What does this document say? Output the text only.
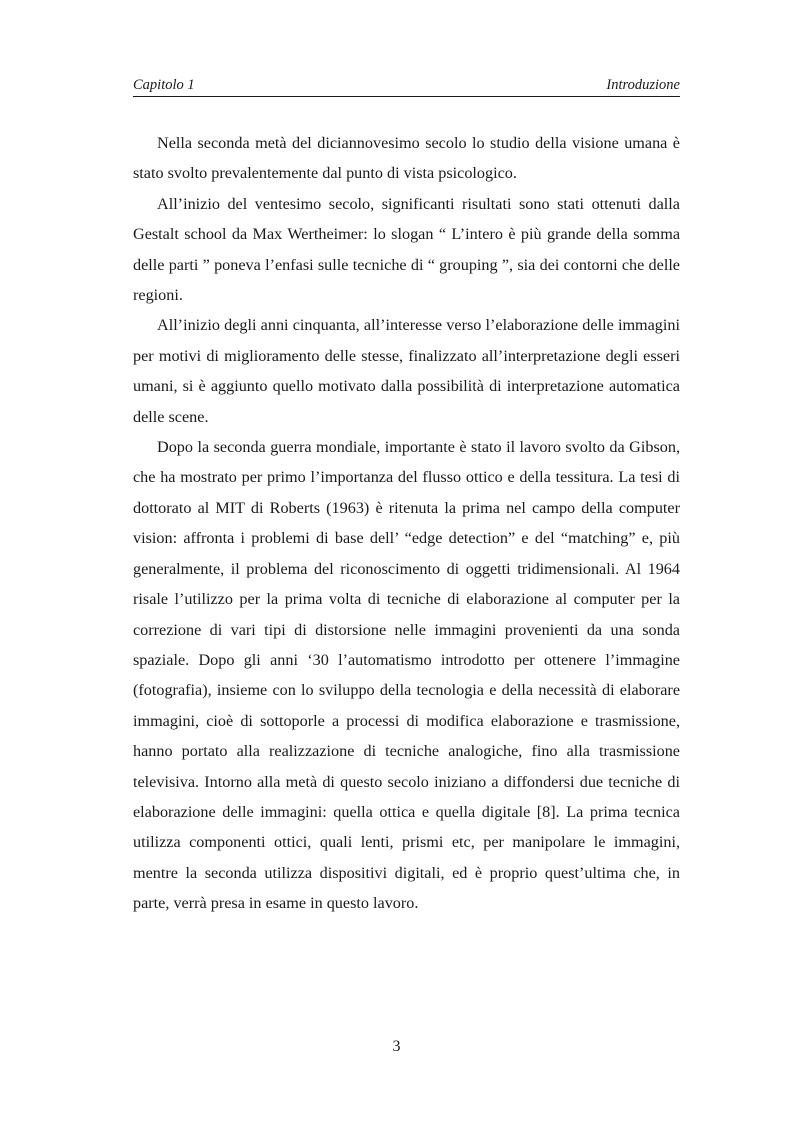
Capitolo 1	Introduzione

Nella seconda metà del diciannovesimo secolo lo studio della visione umana è stato svolto prevalentemente dal punto di vista psicologico.

All’inizio del ventesimo secolo, significanti risultati sono stati ottenuti dalla Gestalt school da Max Wertheimer: lo slogan “ L’intero è più grande della somma delle parti ” poneva l’enfasi sulle tecniche di “ grouping ”, sia dei contorni che delle regioni.

All’inizio degli anni cinquanta, all’interesse verso l’elaborazione delle immagini per motivi di miglioramento delle stesse, finalizzato all’interpretazione degli esseri umani, si è aggiunto quello motivato dalla possibilità di interpretazione automatica delle scene.

Dopo la seconda guerra mondiale, importante è stato il lavoro svolto da Gibson, che ha mostrato per primo l’importanza del flusso ottico e della tessitura. La tesi di dottorato al MIT di Roberts (1963) è ritenuta la prima nel campo della computer vision: affronta i problemi di base dell’ “edge detection” e del “matching” e, più generalmente, il problema del riconoscimento di oggetti tridimensionali. Al 1964 risale l’utilizzo per la prima volta di tecniche di elaborazione al computer per la correzione di vari tipi di distorsione nelle immagini provenienti da una sonda spaziale. Dopo gli anni ‘30 l’automatismo introdotto per ottenere l’immagine (fotografia), insieme con lo sviluppo della tecnologia e della necessità di elaborare immagini, cioè di sottoporle a processi di modifica elaborazione e trasmissione, hanno portato alla realizzazione di tecniche analogiche, fino alla trasmissione televisiva. Intorno alla metà di questo secolo iniziano a diffondersi due tecniche di elaborazione delle immagini: quella ottica e quella digitale [8]. La prima tecnica utilizza componenti ottici, quali lenti, prismi etc, per manipolare le immagini, mentre la seconda utilizza dispositivi digitali, ed è proprio quest’ultima che, in parte, verrà presa in esame in questo lavoro.

3
